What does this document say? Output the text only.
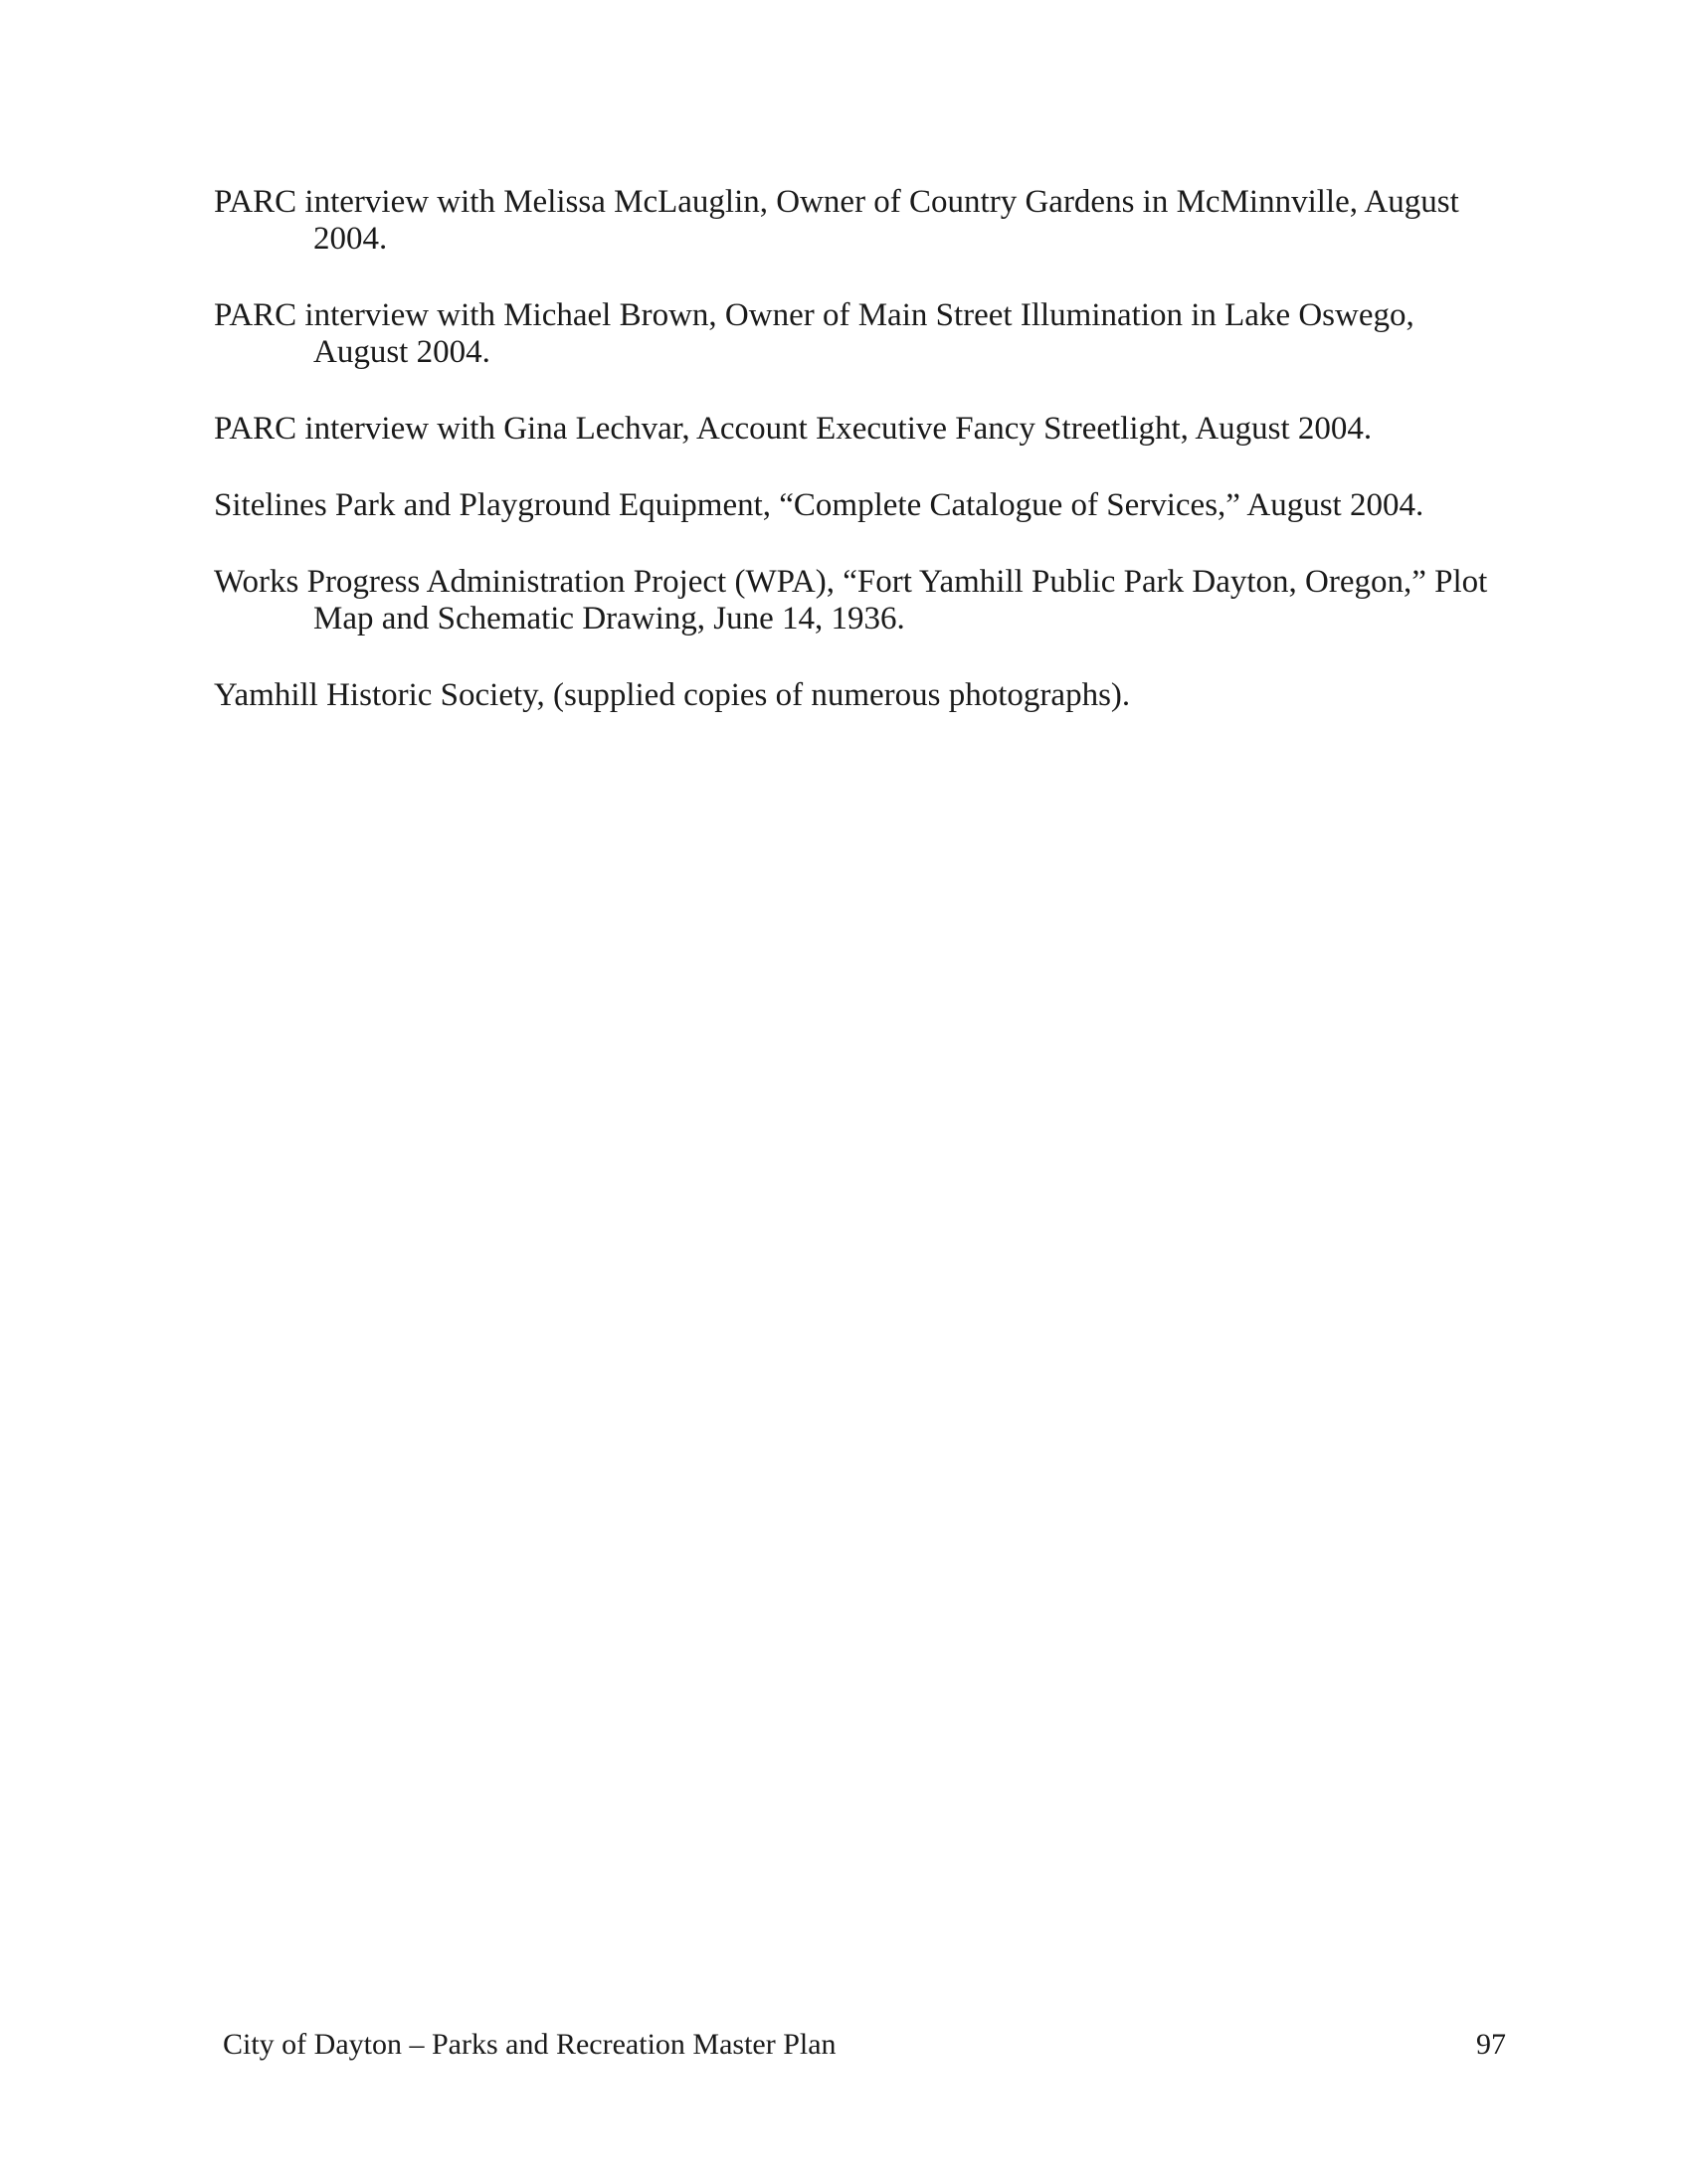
PARC interview with Melissa McLauglin, Owner of Country Gardens in McMinnville, August 2004.

PARC interview with Michael Brown, Owner of Main Street Illumination in Lake Oswego, August 2004.

PARC interview with Gina Lechvar, Account Executive Fancy Streetlight, August 2004.

Sitelines Park and Playground Equipment, “Complete Catalogue of Services,” August 2004.

Works Progress Administration Project (WPA), “Fort Yamhill Public Park Dayton, Oregon,” Plot Map and Schematic Drawing, June 14, 1936.

Yamhill Historic Society, (supplied copies of numerous photographs).

City of Dayton – Parks and Recreation Master Plan	97
